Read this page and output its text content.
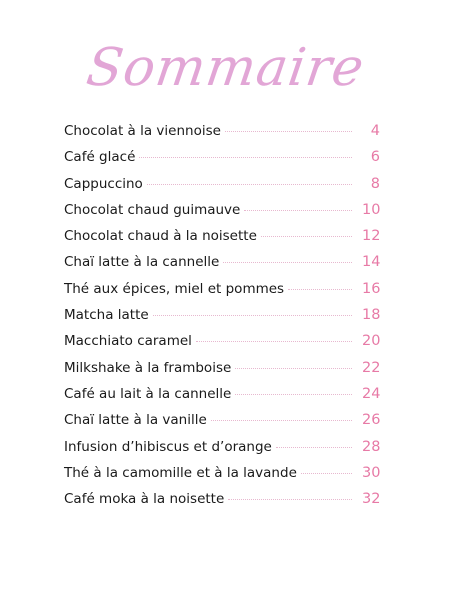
Sommaire
Chocolat à la viennoise	4
Café glacé	6
Cappuccino	8
Chocolat chaud guimauve	10
Chocolat chaud à la noisette	12
Chaï latte à la cannelle	14
Thé aux épices, miel et pommes	16
Matcha latte	18
Macchiato caramel	20
Milkshake à la framboise	22
Café au lait à la cannelle	24
Chaï latte à la vanille	26
Infusion d’hibiscus et d’orange	28
Thé à la camomille et à la lavande	30
Café moka à la noisette	32
